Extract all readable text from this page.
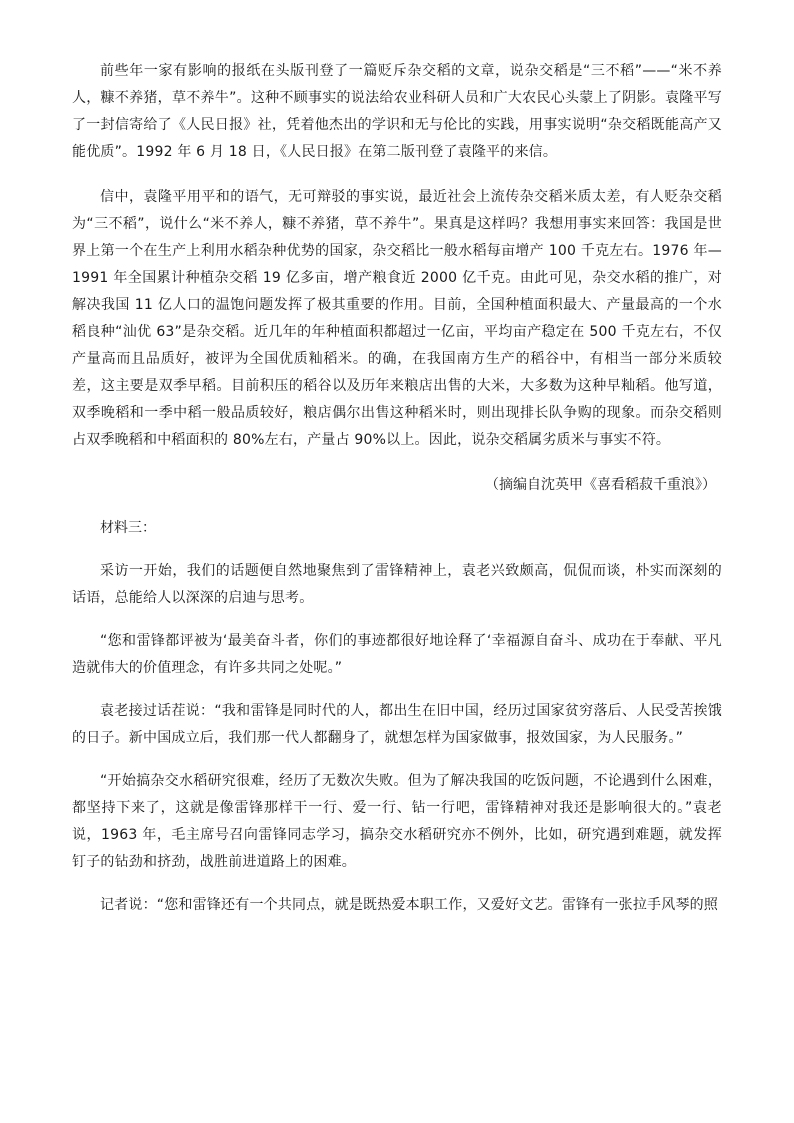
前些年一家有影响的报纸在头版刊登了一篇贬斥杂交稻的文章，说杂交稻是“三不稻”——“米不养人，糠不养猪，草不养牛”。这种不顾事实的说法给农业科研人员和广大农民心头蒙上了阴影。袁隆平写了一封信寄给了《人民日报》社，凭着他杰出的学识和无与伦比的实践，用事实说明“杂交稻既能高产又能优质”。1992 年 6 月 18 日，《人民日报》在第二版刊登了袁隆平的来信。

信中，袁隆平用平和的语气，无可辩驳的事实说，最近社会上流传杂交稻米质太差，有人贬杂交稻为“三不稻”，说什么“米不养人，糠不养猪，草不养牛”。果真是这样吗？我想用事实来回答：我国是世界上第一个在生产上利用水稻杂种优势的国家，杂交稻比一般水稻每亩增产 100 千克左右。1976 年—1991 年全国累计种植杂交稻 19 亿多亩，增产粮食近 2000 亿千克。由此可见，杂交水稻的推广，对解决我国 11 亿人口的温饱问题发挥了极其重要的作用。目前，全国种植面积最大、产量最高的一个水稻良种“汕优 63”是杂交稻。近几年的年种植面积都超过一亿亩，平均亩产稳定在 500 千克左右，不仅产量高而且品质好，被评为全国优质籼稻米。的确，在我国南方生产的稻谷中，有相当一部分米质较差，这主要是双季早稻。目前积压的稻谷以及历年来粮店出售的大米，大多数为这种早籼稻。他写道，双季晚稻和一季中稻一般品质较好，粮店偶尔出售这种稻米时，则出现排长队争购的现象。而杂交稻则占双季晚稻和中稻面积的 80%左右，产量占 90%以上。因此，说杂交稻属劣质米与事实不符。

（摘编自沈英甲《喜看稻菽千重浪》）

材料三：

采访一开始，我们的话题便自然地聚焦到了雷锋精神上，袁老兴致颇高，侃侃而谈，朴实而深刻的话语，总能给人以深深的启迪与思考。

“您和雷锋都评被为‘最美奋斗者，你们的事迹都很好地诠释了‘幸福源自奋斗、成功在于奉献、平凡造就伟大的价值理念，有许多共同之处呢。”

袁老接过话茬说：“我和雷锋是同时代的人，都出生在旧中国，经历过国家贫穷落后、人民受苦挨饿的日子。新中国成立后，我们那一代人都翻身了，就想怎样为国家做事，报效国家，为人民服务。”

“开始搞杂交水稻研究很难，经历了无数次失败。但为了解决我国的吃饭问题，不论遇到什么困难，都坚持下来了，这就是像雷锋那样干一行、爱一行、钻一行吧，雷锋精神对我还是影响很大的。”袁老说，1963 年，毛主席号召向雷锋同志学习，搞杂交水稻研究亦不例外，比如，研究遇到难题，就发挥钉子的钻劲和挤劲，战胜前进道路上的困难。

记者说：“您和雷锋还有一个共同点，就是既热爱本职工作，又爱好文艺。雷锋有一张拉手风琴的照
